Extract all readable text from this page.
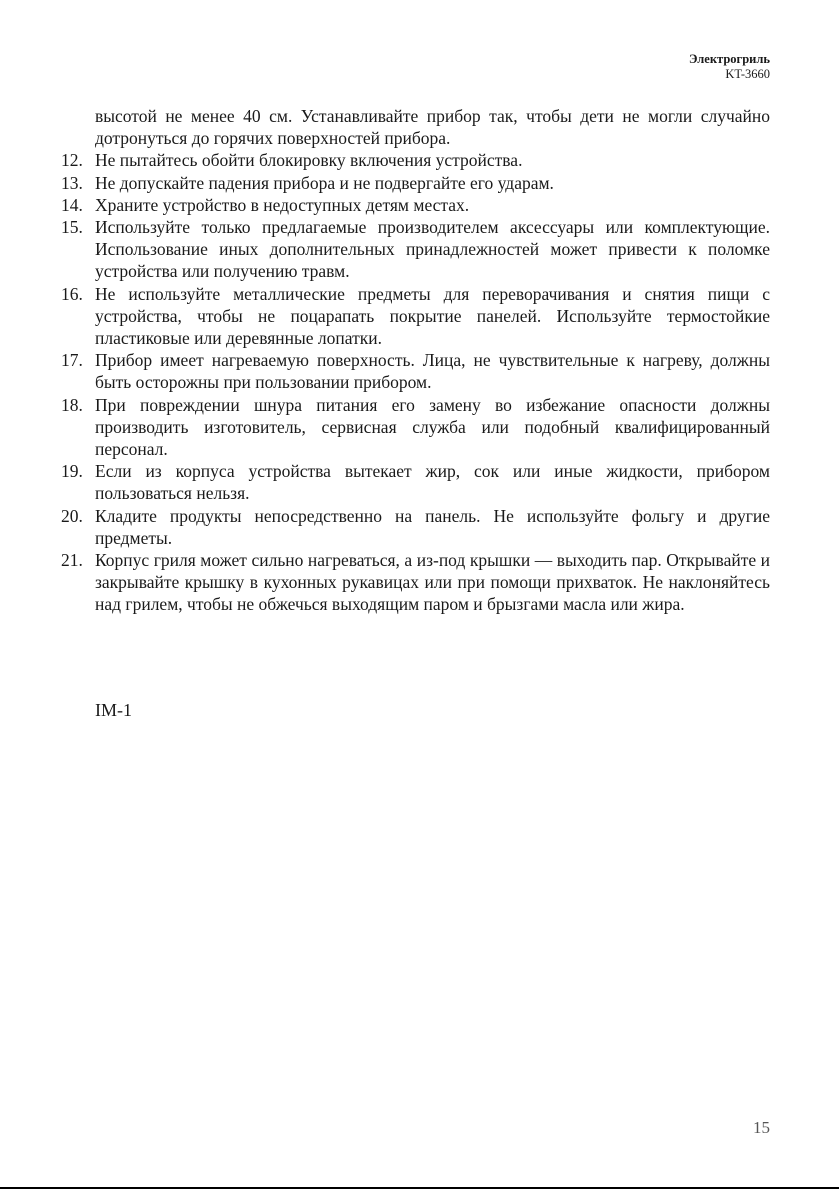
Электрогриль
KT-3660

высотой не менее 40 см. Устанавливайте прибор так, чтобы дети не могли случайно дотронуться до горячих поверхностей прибора.

12. Не пытайтесь обойти блокировку включения устройства.
13. Не допускайте падения прибора и не подвергайте его ударам.
14. Храните устройство в недоступных детям местах.
15. Используйте только предлагаемые производителем аксессуары или комплектующие. Использование иных дополнительных принадлежностей может привести к поломке устройства или получению травм.
16. Не используйте металлические предметы для переворачивания и снятия пищи с устройства, чтобы не поцарапать покрытие панелей. Используйте термостойкие пластиковые или деревянные лопатки.
17. Прибор имеет нагреваемую поверхность. Лица, не чувствительные к нагреву, должны быть осторожны при пользовании прибором.
18. При повреждении шнура питания его замену во избежание опасности должны производить изготовитель, сервисная служба или подобный квалифицированный персонал.
19. Если из корпуса устройства вытекает жир, сок или иные жидкости, прибором пользоваться нельзя.
20. Кладите продукты непосредственно на панель. Не используйте фольгу и другие предметы.
21. Корпус гриля может сильно нагреваться, а из-под крышки — выходить пар. Открывайте и закрывайте крышку в кухонных рукавицах или при помощи прихваток. Не наклоняйтесь над грилем, чтобы не обжечься выходящим паром и брызгами масла или жира.
IM-1
15
